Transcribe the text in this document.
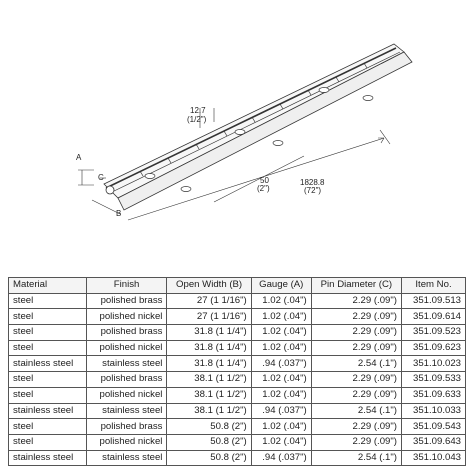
A
C
B
12.7
(1/2")
50
(2")
1828.8
(72")
Material	Finish	Open Width (B)	Gauge (A)	Pin Diameter (C)	Item No.
steel	polished brass	27 (1 1/16")	1.02 (.04")	2.29 (.09")	351.09.513
steel	polished nickel	27 (1 1/16")	1.02 (.04")	2.29 (.09")	351.09.614
steel	polished brass	31.8 (1 1/4")	1.02 (.04")	2.29 (.09")	351.09.523
steel	polished nickel	31.8 (1 1/4")	1.02 (.04")	2.29 (.09")	351.09.623
stainless steel	stainless steel	31.8 (1 1/4")	.94 (.037")	2.54 (.1")	351.10.023
steel	polished brass	38.1 (1 1/2")	1.02 (.04")	2.29 (.09")	351.09.533
steel	polished nickel	38.1 (1 1/2")	1.02 (.04")	2.29 (.09")	351.09.633
stainless steel	stainless steel	38.1 (1 1/2")	.94 (.037")	2.54 (.1")	351.10.033
steel	polished brass	50.8 (2")	1.02 (.04")	2.29 (.09")	351.09.543
steel	polished nickel	50.8 (2")	1.02 (.04")	2.29 (.09")	351.09.643
stainless steel	stainless steel	50.8 (2")	.94 (.037")	2.54 (.1")	351.10.043
